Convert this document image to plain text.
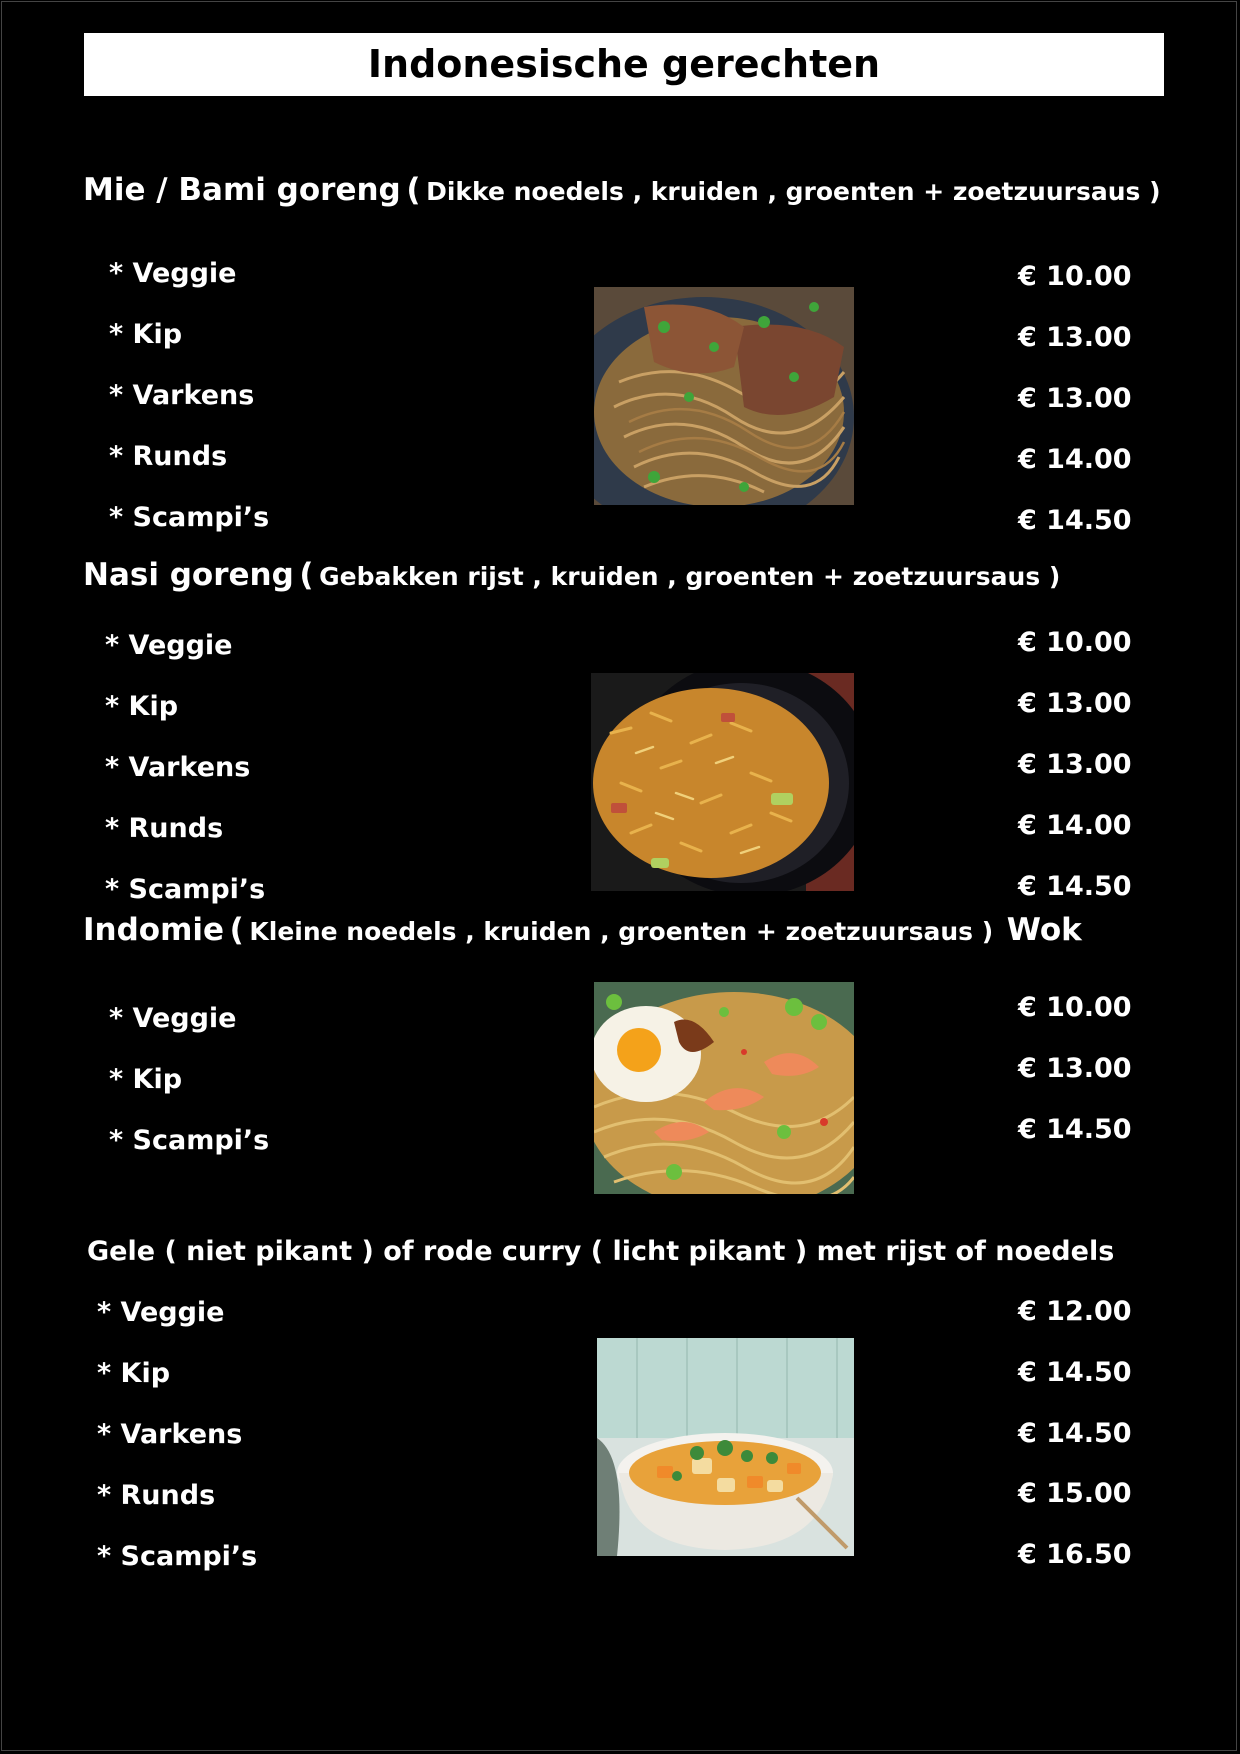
Indonesische gerechten
Mie / Bami goreng ( Dikke noedels , kruiden , groenten + zoetzuursaus )
* Veggie
* Kip
* Varkens
* Runds
* Scampi’s
€ 10.00
€ 13.00
€ 13.00
€ 14.00
€ 14.50
Nasi goreng ( Gebakken rijst , kruiden , groenten + zoetzuursaus )
* Veggie
* Kip
* Varkens
* Runds
* Scampi’s
€ 10.00
€ 13.00
€ 13.00
€ 14.00
€ 14.50
Indomie ( Kleine noedels , kruiden , groenten + zoetzuursaus ) Wok
* Veggie
* Kip
* Scampi’s
€ 10.00
€ 13.00
€ 14.50
Gele ( niet pikant ) of rode curry ( licht pikant ) met rijst of noedels
* Veggie
* Kip
* Varkens
* Runds
* Scampi’s
€ 12.00
€ 14.50
€ 14.50
€ 15.00
€ 16.50
